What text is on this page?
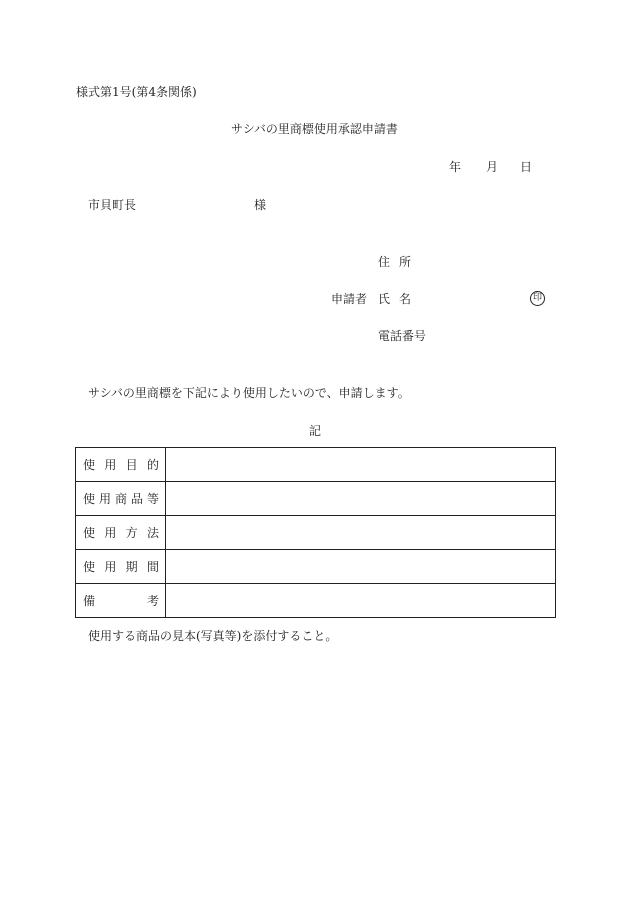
様式第1号(第4条関係)
サシバの里商標使用承認申請書
年 月 日
市貝町長	様
住所
申請者 氏名	印
電話番号
サシバの里商標を下記により使用したいので、申請します。
記
使 用 目 的	

使 用 商 品 等	

使 用 方 法	

使 用 期 間	

備 考	

使用する商品の見本(写真等)を添付すること。
